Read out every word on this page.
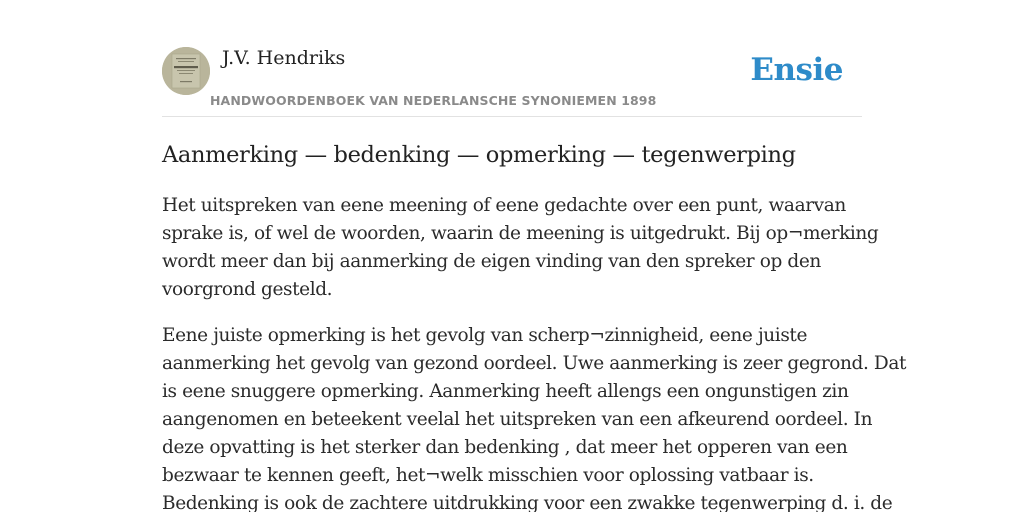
J.V. Hendriks
HANDWOORDENBOEK VAN NEDERLANSCHE SYNONIEMEN 1898
Ensie
Aanmerking — bedenking — opmerking — tegenwerping

Het uitspreken van eene meening of eene gedachte over een punt, waarvan
sprake is, of wel de woorden, waarin de meening is uitgedrukt. Bij op¬merking
wordt meer dan bij aanmerking de eigen vinding van den spreker op den
voorgrond gesteld.

Eene juiste opmerking is het gevolg van scherp¬zinnigheid, eene juiste
aanmerking het gevolg van gezond oordeel. Uwe aanmerking is zeer gegrond. Dat
is eene snuggere opmerking. Aanmerking heeft allengs een ongunstigen zin
aangenomen en beteekent veelal het uitspreken van een afkeurend oordeel. In
deze opvatting is het sterker dan bedenking , dat meer het opperen van een
bezwaar te kennen geeft, het¬welk misschien voor oplossing vatbaar is.
Bedenking is ook de zachtere uitdrukking voor een zwakke tegenwerping d. i. de
